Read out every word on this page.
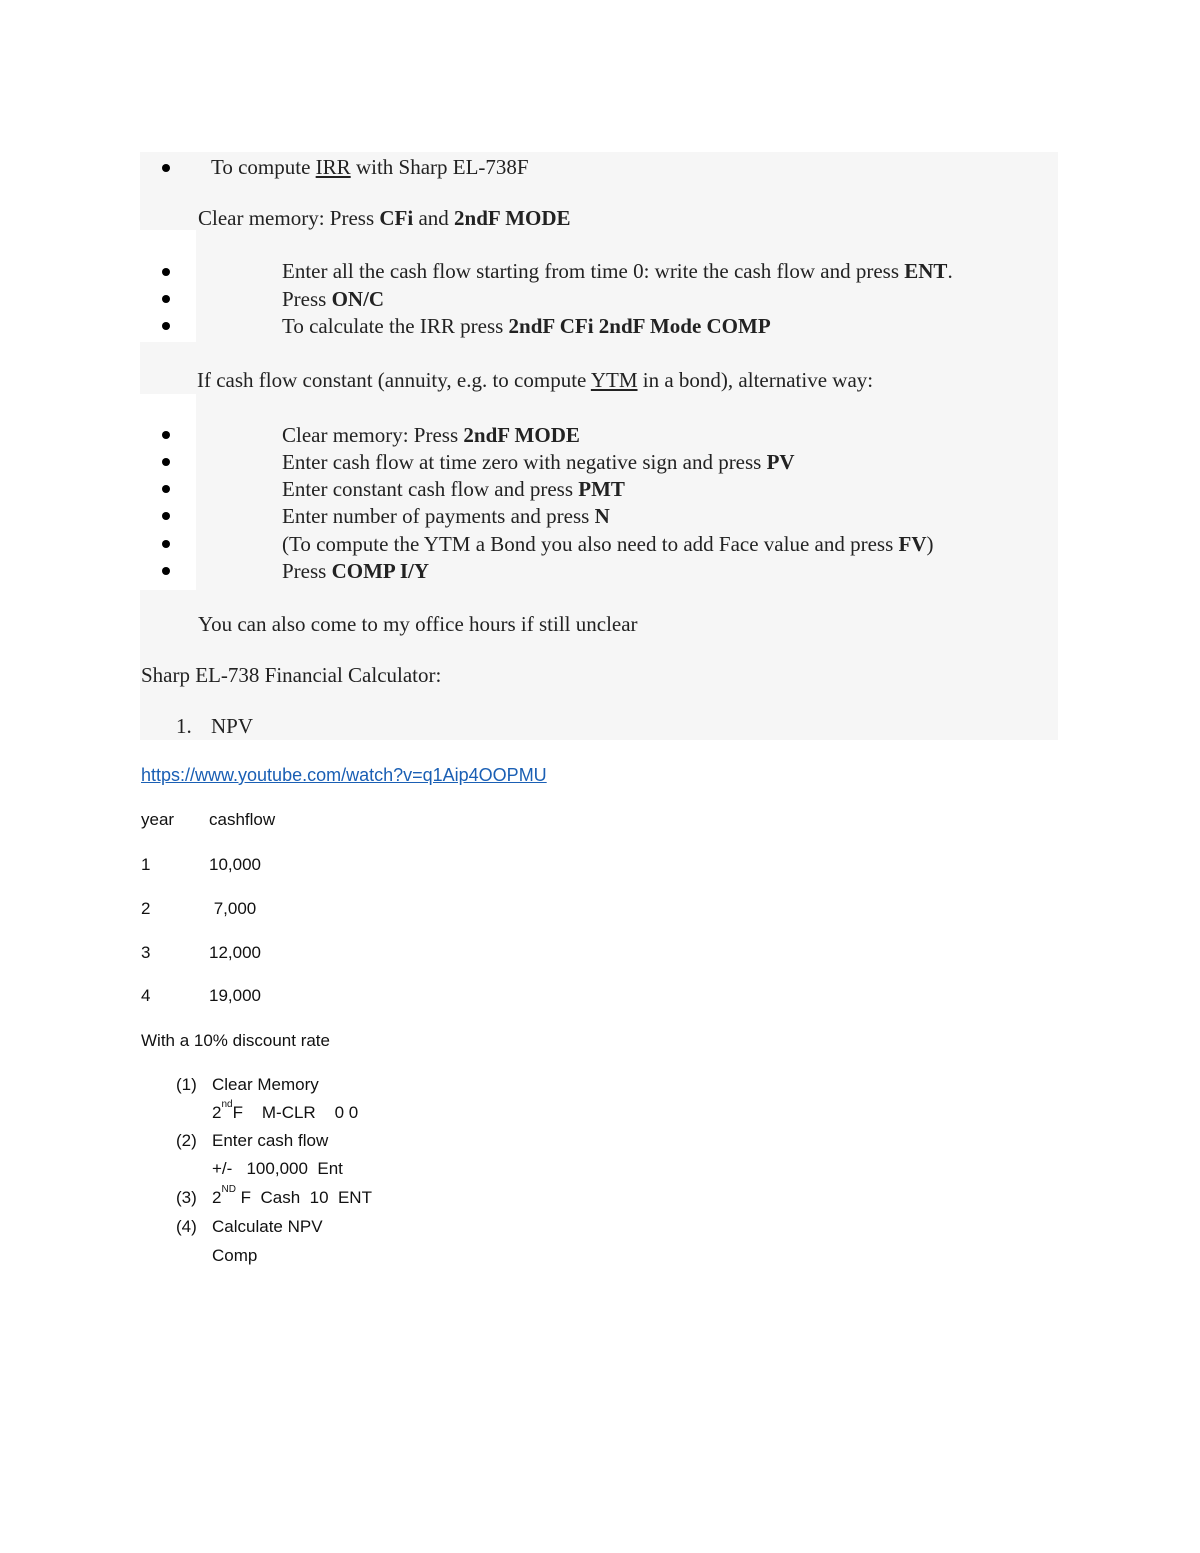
To compute IRR with Sharp EL-738F
Clear memory: Press CFi and 2ndF MODE
Enter all the cash flow starting from time 0: write the cash flow and press ENT.
Press ON/C
To calculate the IRR press 2ndF CFi 2ndF Mode COMP
If cash flow constant (annuity, e.g. to compute YTM in a bond), alternative way:
Clear memory: Press 2ndF MODE
Enter cash flow at time zero with negative sign and press PV
Enter constant cash flow and press PMT
Enter number of payments and press N
(To compute the YTM a Bond you also need to add Face value and press FV)
Press COMP I/Y
You can also come to my office hours if still unclear
Sharp EL-738 Financial Calculator:
1. NPV
https://www.youtube.com/watch?v=q1Aip4OOPMU
year cashflow
1	10,000
2	7,000
3	12,000
4	19,000
With a 10% discount rate
(1) Clear Memory
2ndF    M-CLR    0 0
(2) Enter cash flow
+/-   100,000  Ent
(3) 2ND F  Cash  10  ENT
(4) Calculate NPV
Comp
